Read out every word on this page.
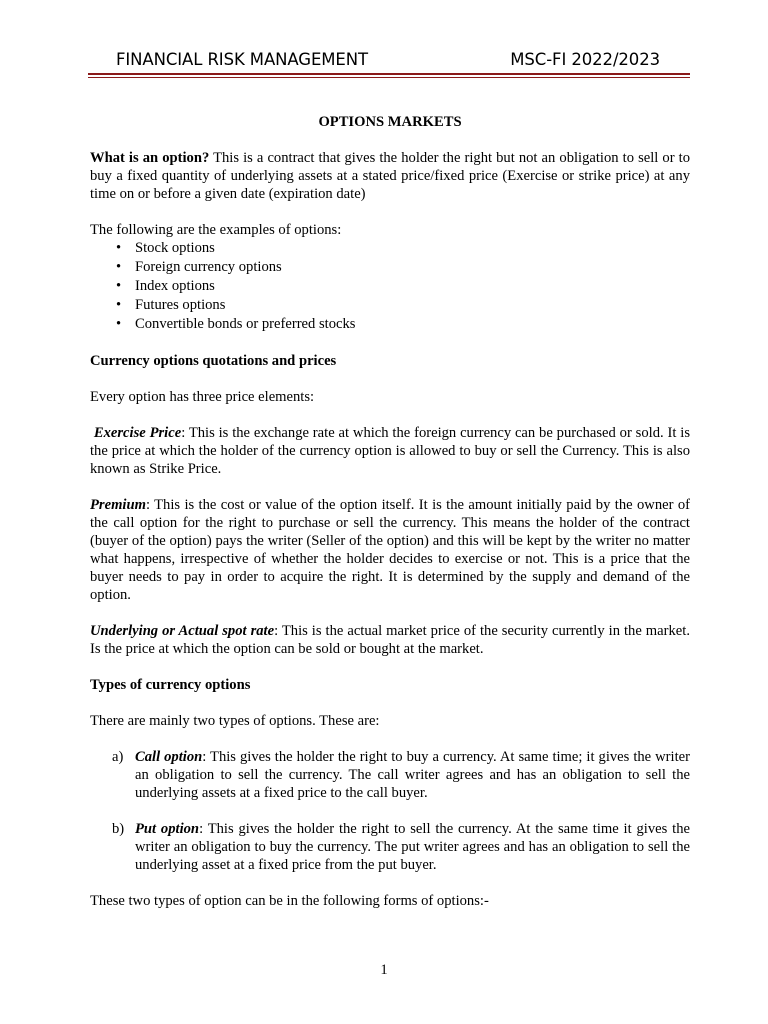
FINANCIAL RISK MANAGEMENT	MSC-FI 2022/2023

OPTIONS MARKETS

What is an option? This is a contract that gives the holder the right but not an obligation to sell or to buy a fixed quantity of underlying assets at a stated price/fixed price (Exercise or strike price) at any time on or before a given date (expiration date)

The following are the examples of options:

• Stock options
• Foreign currency options
• Index options
• Futures options
• Convertible bonds or preferred stocks

Currency options quotations and prices

Every option has three price elements:

Exercise Price: This is the exchange rate at which the foreign currency can be purchased or sold. It is the price at which the holder of the currency option is allowed to buy or sell the Currency. This is also known as Strike Price.

Premium: This is the cost or value of the option itself. It is the amount initially paid by the owner of the call option for the right to purchase or sell the currency. This means the holder of the contract (buyer of the option) pays the writer (Seller of the option) and this will be kept by the writer no matter what happens, irrespective of whether the holder decides to exercise or not. This is a price that the buyer needs to pay in order to acquire the right. It is determined by the supply and demand of the option.

Underlying or Actual spot rate: This is the actual market price of the security currently in the market. Is the price at which the option can be sold or bought at the market.

Types of currency options

There are mainly two types of options. These are:

a) Call option: This gives the holder the right to buy a currency. At same time; it gives the writer an obligation to sell the currency. The call writer agrees and has an obligation to sell the underlying assets at a fixed price to the call buyer.

b) Put option: This gives the holder the right to sell the currency. At the same time it gives the writer an obligation to buy the currency. The put writer agrees and has an obligation to sell the underlying asset at a fixed price from the put buyer.

These two types of option can be in the following forms of options:-

1
